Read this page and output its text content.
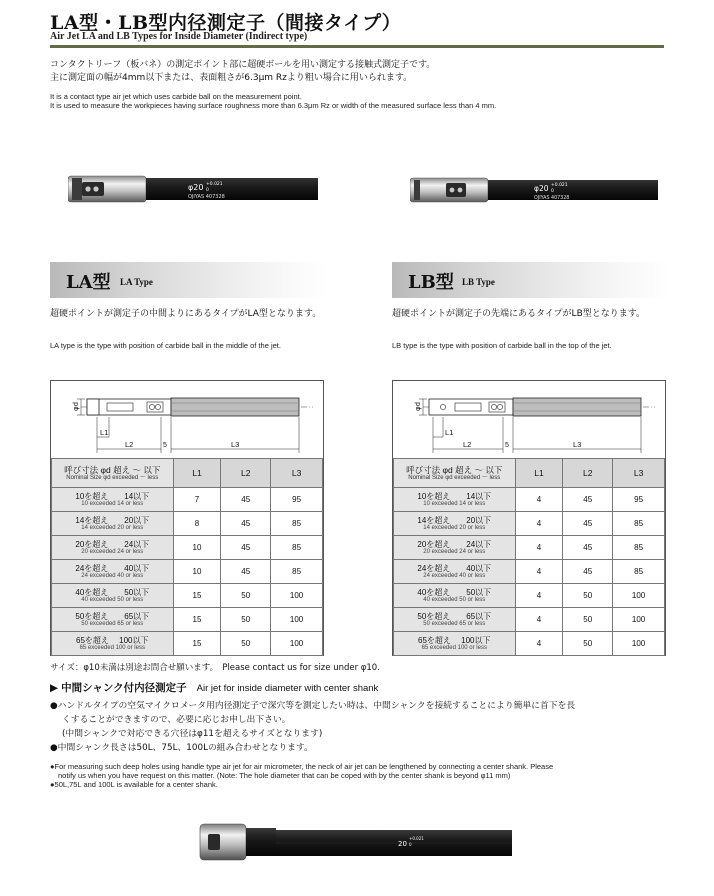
LA型・LB型内径測定子（間接タイプ）
Air Jet LA and LB Types for Inside Diameter (Indirect type)
コンタクトリーフ（板バネ）の測定ポイント部に超硬ボールを用い測定する接触式測定子です。
主に測定面の幅が4mm以下または、表面粗さが6.3μm Rzより粗い場合に用いられます。
It is a contact type air jet which uses carbide ball on the measurement point.
It is used to measure the workpieces having surface roughness more than 6.3μm Rz or width of the measured surface less than 4 mm.
φ20 +0.021
0
OJIYAS 407328
φ20 +0.021
0
OJIYAS 407328
LA型 LA Type
超硬ポイントが測定子の中間よりにあるタイプがLA型となります。
LA type is the type with position of carbide ball in the middle of the jet.
φd
L1
L2	5	L3
呼び寸法 φd 超え ～ 以下
Nominal Size φd exceeded ～ less	L1	L2	L3

10を超え　　14以下
10 exceeded 14 or less	7	45	95

14を超え　　20以下
14 exceeded 20 or less	8	45	85

20を超え　　24以下
20 exceeded 24 or less	10	45	85

24を超え　　40以下
24 exceeded 40 or less	10	45	85

40を超え　　50以下
40 exceeded 50 or less	15	50	100

50を超え　　65以下
50 exceeded 65 or less	15	50	100

65を超え　 100以下
65 exceeded 100 or less	15	50	100
LB型 LB Type
超硬ポイントが測定子の先端にあるタイプがLB型となります。
LB type is the type with position of carbide ball in the top of the jet.
φd
L1
L2	5	L3
呼び寸法 φd 超え ～ 以下
Nominal Size φd exceeded ～ less	L1	L2	L3

10を超え　　14以下
10 exceeded 14 or less	4	45	95

14を超え　　20以下
14 exceeded 20 or less	4	45	85

20を超え　　24以下
20 exceeded 24 or less	4	45	85

24を超え　　40以下
24 exceeded 40 or less	4	45	85

40を超え　　50以下
40 exceeded 50 or less	4	50	100

50を超え　　65以下
50 exceeded 65 or less	4	50	100

65を超え　 100以下
65 exceeded 100 or less	4	50	100
サイズ：φ10未満は別途お問合せ願います。　Please contact us for size under φ10.
▶ 中間シャンク付内径測定子 Air jet for inside diameter with center shank
●ハンドルタイプの空気マイクロメータ用内径測定子で深穴等を測定したい時は、中間シャンクを接続することにより簡単に首下を長
くすることができますので、必要に応じお申し出下さい。
(中間シャンクで対応できる穴径はφ11を超えるサイズとなります)
●中間シャンク長さは50L、75L、100Lの組み合わせとなります。
●For measuring such deep holes using handle type air jet for air micrometer, the neck of air jet can be lengthened by connecting a center shank. Please
notify us when you have request on this matter. (Note: The hole diameter that can be coped with by the center shank is beyond φ11 mm)
●50L,75L and 100L is available for a center shank.
20
+0.021
0
